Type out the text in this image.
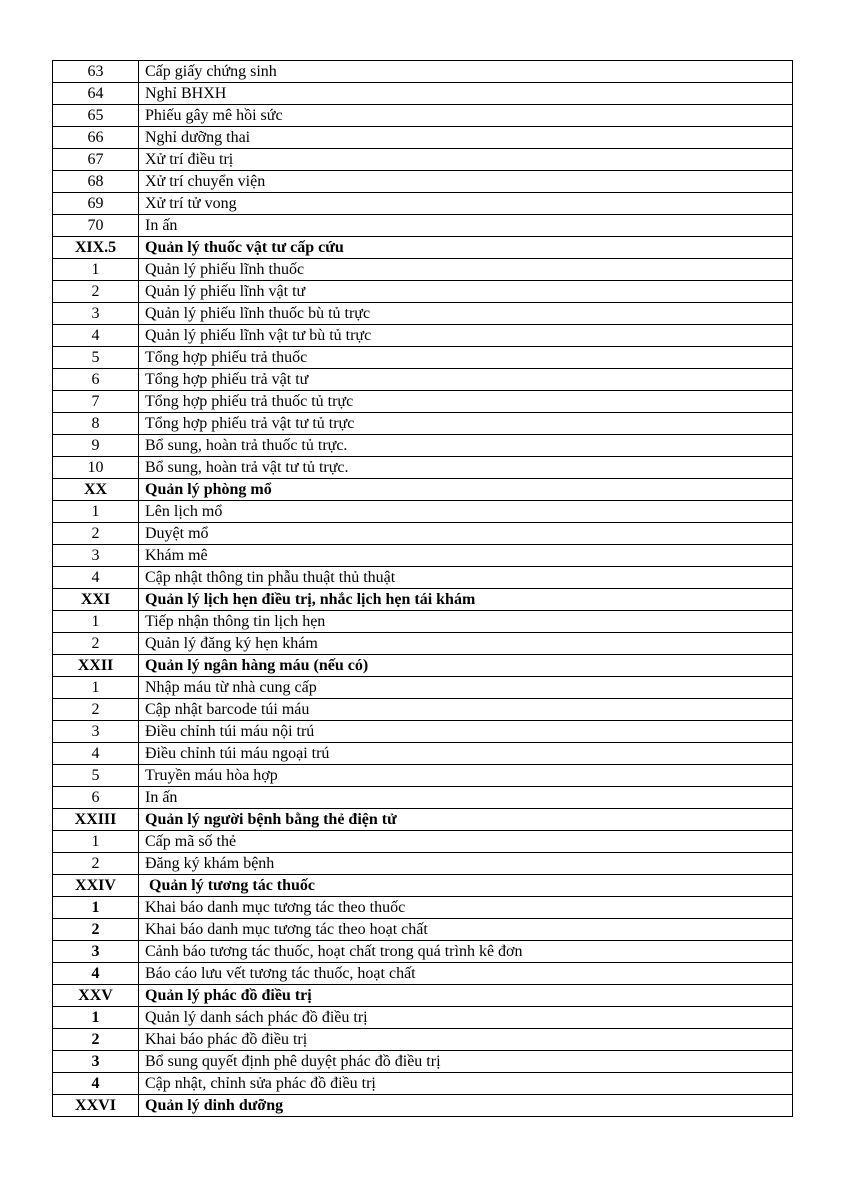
63	Cấp giấy chứng sinh
64	Nghỉ BHXH
65	Phiếu gây mê hồi sức
66	Nghỉ dưỡng thai
67	Xử trí điều trị
68	Xử trí chuyển viện
69	Xử trí tử vong
70	In ấn
XIX.5	Quản lý thuốc vật tư cấp cứu
1	Quản lý phiếu lĩnh thuốc
2	Quản lý phiếu lĩnh vật tư
3	Quản lý phiếu lĩnh thuốc bù tủ trực
4	Quản lý phiếu lĩnh vật tư bù tủ trực
5	Tổng hợp phiếu trả thuốc
6	Tổng hợp phiếu trả vật tư
7	Tổng hợp phiếu trả thuốc tủ trực
8	Tổng hợp phiếu trả vật tư tủ trực
9	Bổ sung, hoàn trả thuốc tủ trực.
10	Bổ sung, hoàn trả vật tư tủ trực.
XX	Quản lý phòng mổ
1	Lên lịch mổ
2	Duyệt mổ
3	Khám mê
4	Cập nhật thông tin phẫu thuật thủ thuật
XXI	Quản lý lịch hẹn điều trị, nhắc lịch hẹn tái khám
1	Tiếp nhận thông tin lịch hẹn
2	Quản lý đăng ký hẹn khám
XXII	Quản lý ngân hàng máu (nếu có)
1	Nhập máu từ nhà cung cấp
2	Cập nhật barcode túi máu
3	Điều chỉnh túi máu nội trú
4	Điều chỉnh túi máu ngoại trú
5	Truyền máu hòa hợp
6	In ấn
XXIII	Quản lý người bệnh bằng thẻ điện tử
1	Cấp mã số thẻ
2	Đăng ký khám bệnh
XXIV	Quản lý tương tác thuốc
1	Khai báo danh mục tương tác theo thuốc
2	Khai báo danh mục tương tác theo hoạt chất
3	Cảnh báo tương tác thuốc, hoạt chất trong quá trình kê đơn
4	Báo cáo lưu vết tương tác thuốc, hoạt chất
XXV	Quản lý phác đồ điều trị
1	Quản lý danh sách phác đồ điều trị
2	Khai báo phác đồ điều trị
3	Bổ sung quyết định phê duyệt phác đồ điều trị
4	Cập nhật, chỉnh sửa phác đồ điều trị
XXVI	Quản lý dinh dưỡng
